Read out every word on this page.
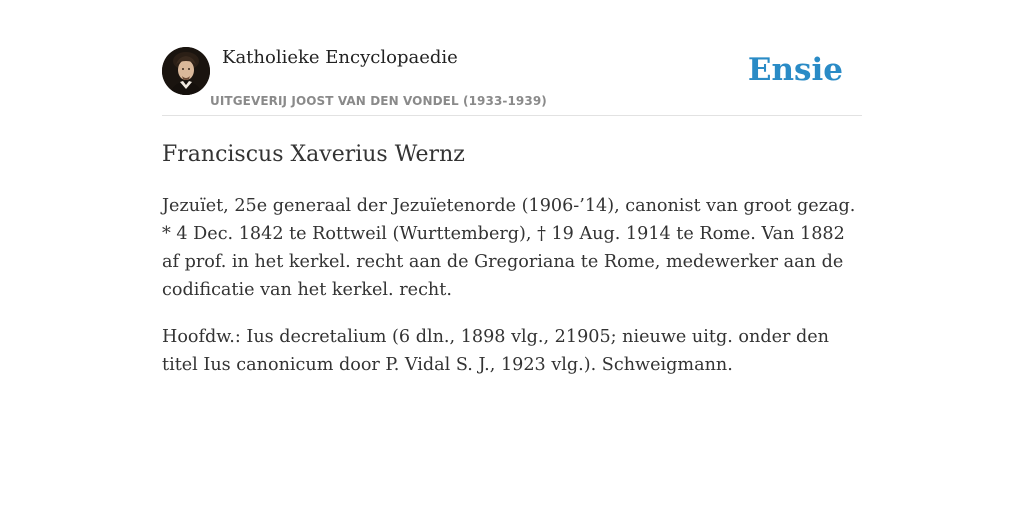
Katholieke Encyclopaedie
UITGEVERIJ JOOST VAN DEN VONDEL (1933-1939)
Ensie
Franciscus Xaverius Wernz

Jezuïet, 25e generaal der Jezuïetenorde (1906-’14), canonist van groot gezag. * 4 Dec. 1842 te Rottweil (Wurttemberg), † 19 Aug. 1914 te Rome. Van 1882 af prof. in het kerkel. recht aan de Gregoriana te Rome, medewerker aan de codificatie van het kerkel. recht.

Hoofdw.: Ius decretalium (6 dln., 1898 vlg., 21905; nieuwe uitg. onder den titel Ius canonicum door P. Vidal S. J., 1923 vlg.). Schweigmann.
